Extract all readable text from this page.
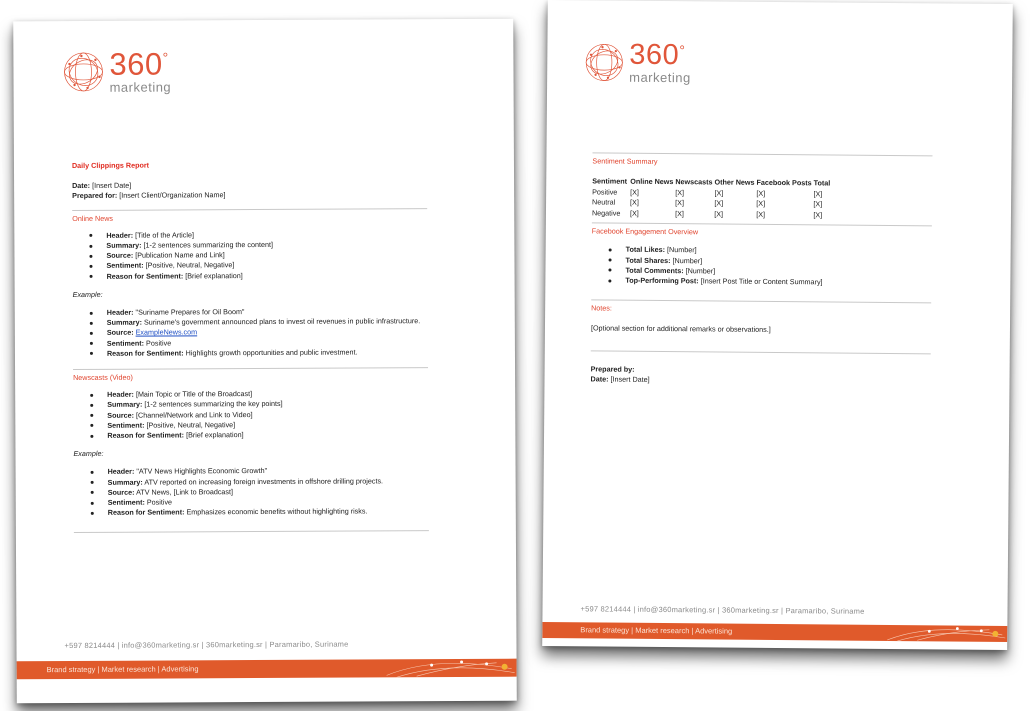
360°
marketing
Daily Clippings Report
Date: [Insert Date]
Prepared for: [Insert Client/Organization Name]
Online News
Header: [Title of the Article]
Summary: [1-2 sentences summarizing the content]
Source: [Publication Name and Link]
Sentiment: [Positive, Neutral, Negative]
Reason for Sentiment: [Brief explanation]
Example:
Header: "Suriname Prepares for Oil Boom"
Summary: Suriname's government announced plans to invest oil revenues in public infrastructure.
Source: ExampleNews.com
Sentiment: Positive
Reason for Sentiment: Highlights growth opportunities and public investment.
Newscasts (Video)
Header: [Main Topic or Title of the Broadcast]
Summary: [1-2 sentences summarizing the key points]
Source: [Channel/Network and Link to Video]
Sentiment: [Positive, Neutral, Negative]
Reason for Sentiment: [Brief explanation]
Example:
Header: "ATV News Highlights Economic Growth"
Summary: ATV reported on increasing foreign investments in offshore drilling projects.
Source: ATV News, [Link to Broadcast]
Sentiment: Positive
Reason for Sentiment: Emphasizes economic benefits without highlighting risks.
+597 8214444 | info@360marketing.sr | 360marketing.sr | Paramaribo, Suriname
Brand strategy | Market research | Advertising
360°
marketing
Sentiment Summary
Sentiment	Online News	Newscasts	Other News	Facebook Posts	Total
Positive	[X]	[X]	[X]	[X]	[X]
Neutral	[X]	[X]	[X]	[X]	[X]
Negative	[X]	[X]	[X]	[X]	[X]
Facebook Engagement Overview
Total Likes: [Number]
Total Shares: [Number]
Total Comments: [Number]
Top-Performing Post: [Insert Post Title or Content Summary]
Notes:
[Optional section for additional remarks or observations.]
Prepared by:
Date: [Insert Date]
+597 8214444 | info@360marketing.sr | 360marketing.sr | Paramaribo, Suriname
Brand strategy | Market research | Advertising
